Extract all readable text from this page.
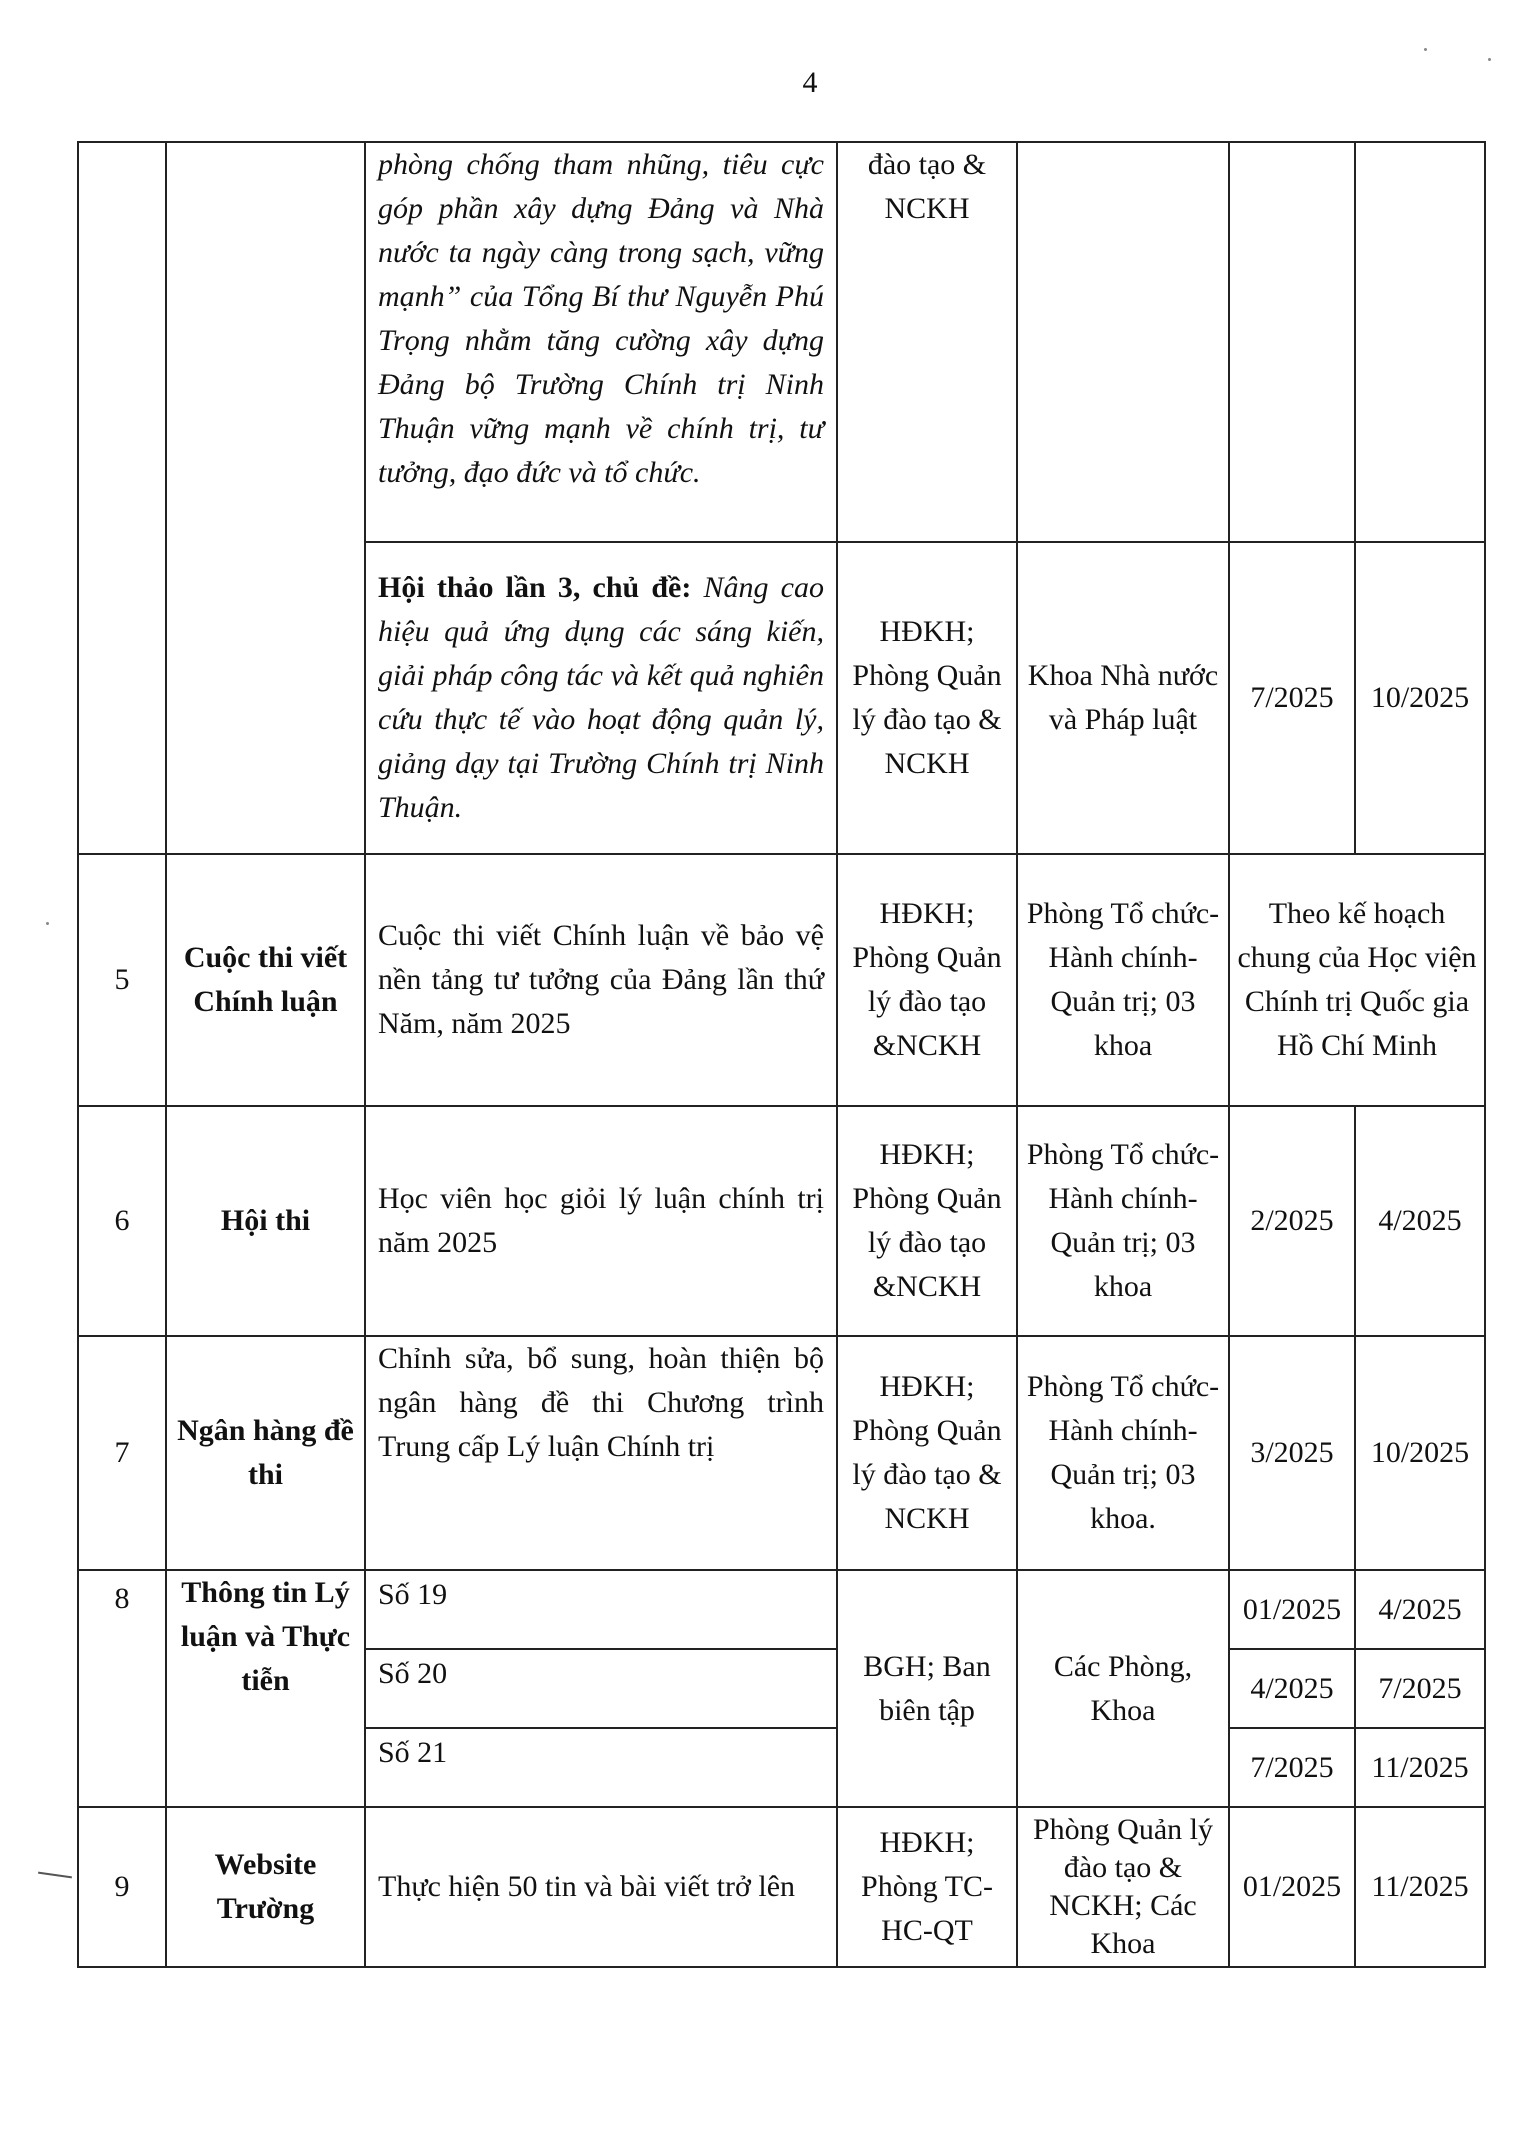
4
		phòng chống tham nhũng, tiêu cực góp phần xây dựng Đảng và Nhà nước ta ngày càng trong sạch, vững mạnh” của Tổng Bí thư Nguyễn Phú Trọng nhằm tăng cường xây dựng Đảng bộ Trường Chính trị Ninh Thuận vững mạnh về chính trị, tư tưởng, đạo đức và tổ chức.	đào tạo & NCKH			
		Hội thảo lần 3, chủ đề: Nâng cao hiệu quả ứng dụng các sáng kiến, giải pháp công tác và kết quả nghiên cứu thực tế vào hoạt động quản lý, giảng dạy tại Trường Chính trị Ninh Thuận.	HĐKH; Phòng Quản lý đào tạo & NCKH	Khoa Nhà nước và Pháp luật	7/2025	10/2025
5	Cuộc thi viết Chính luận	Cuộc thi viết Chính luận về bảo vệ nền tảng tư tưởng của Đảng lần thứ Năm, năm 2025	HĐKH; Phòng Quản lý đào tạo &NCKH	Phòng Tổ chức-Hành chính-Quản trị; 03 khoa	Theo kế hoạch chung của Học viện Chính trị Quốc gia Hồ Chí Minh	
6	Hội thi	Học viên học giỏi lý luận chính trị năm 2025	HĐKH; Phòng Quản lý đào tạo &NCKH	Phòng Tổ chức-Hành chính-Quản trị; 03 khoa	2/2025	4/2025
7	Ngân hàng đề thi	Chỉnh sửa, bổ sung, hoàn thiện bộ ngân hàng đề thi Chương trình Trung cấp Lý luận Chính trị	HĐKH; Phòng Quản lý đào tạo & NCKH	Phòng Tổ chức-Hành chính-Quản trị; 03 khoa.	3/2025	10/2025
8	Thông tin Lý luận và Thực tiễn	Số 19	BGH; Ban biên tập	Các Phòng, Khoa	01/2025	4/2025
		Số 20			4/2025	7/2025
		Số 21			7/2025	11/2025
9	Website Trường	Thực hiện 50 tin và bài viết trở lên	HĐKH; Phòng TC-HC-QT	Phòng Quản lý đào tạo & NCKH; Các Khoa	01/2025	11/2025
